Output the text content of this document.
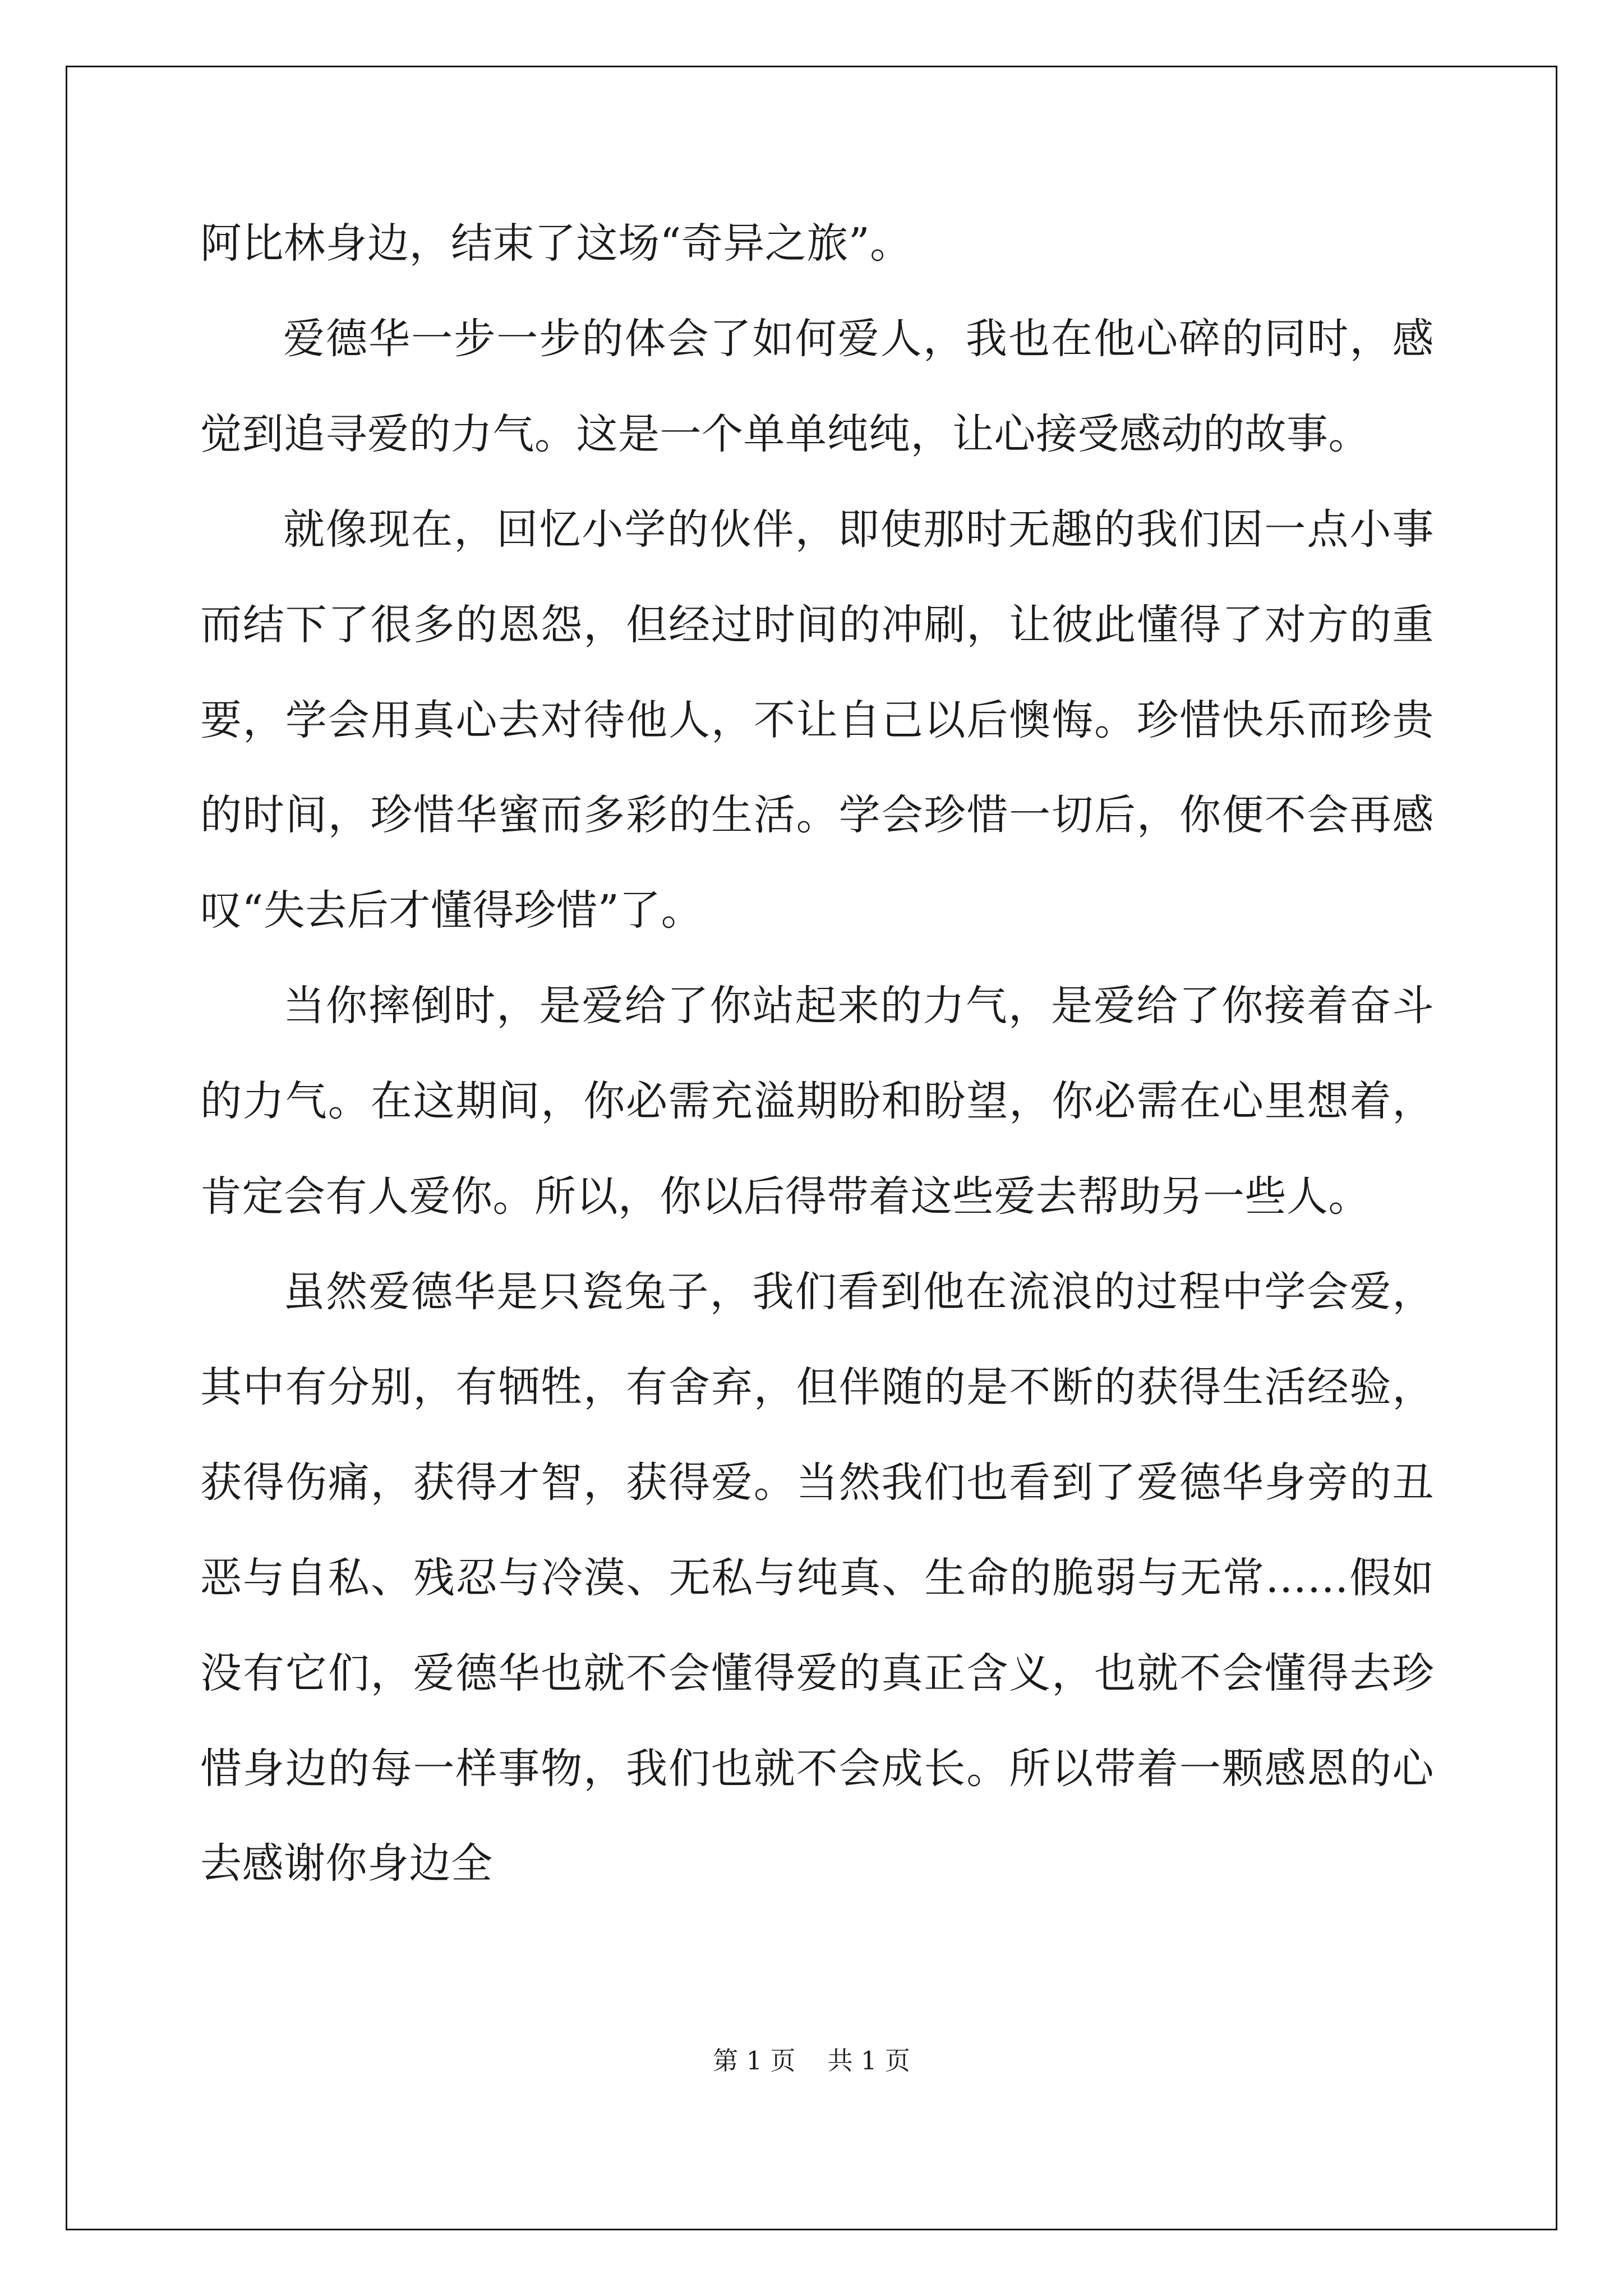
阿比林身边，结束了这场“奇异之旅”。

爱德华一步一步的体会了如何爱人，我也在他心碎的同时，感觉到追寻爱的力气。这是一个单单纯纯，让心接受感动的故事。

就像现在，回忆小学的伙伴，即使那时无趣的我们因一点小事而结下了很多的恩怨，但经过时间的冲刷，让彼此懂得了对方的重要，学会用真心去对待他人，不让自己以后懊悔。珍惜快乐而珍贵的时间，珍惜华蜜而多彩的生活。学会珍惜一切后，你便不会再感叹“失去后才懂得珍惜”了。

当你摔倒时，是爱给了你站起来的力气，是爱给了你接着奋斗的力气。在这期间，你必需充溢期盼和盼望，你必需在心里想着，肯定会有人爱你。所以，你以后得带着这些爱去帮助另一些人。

虽然爱德华是只瓷兔子，我们看到他在流浪的过程中学会爱，其中有分别，有牺牲，有舍弃，但伴随的是不断的获得生活经验，获得伤痛，获得才智，获得爱。当然我们也看到了爱德华身旁的丑恶与自私、残忍与冷漠、无私与纯真、生命的脆弱与无常……假如没有它们，爱德华也就不会懂得爱的真正含义，也就不会懂得去珍惜身边的每一样事物，我们也就不会成长。所以带着一颗感恩的心去感谢你身边全

第 1 页 共 1 页
